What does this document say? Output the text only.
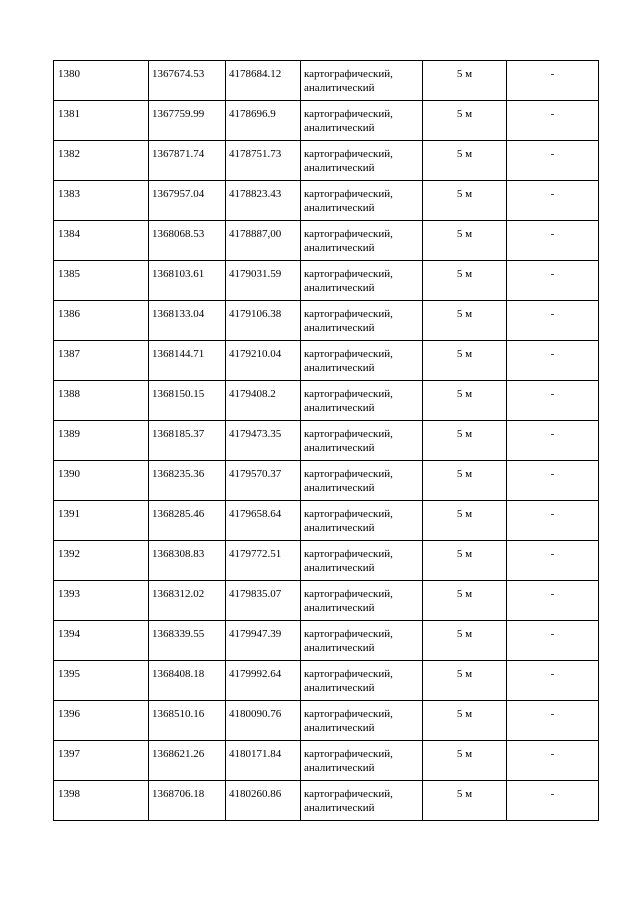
1380	1367674.53	4178684.12	картографический,
аналитический	5 м	-

1381	1367759.99	4178696.9	картографический,
аналитический	5 м	-

1382	1367871.74	4178751.73	картографический,
аналитический	5 м	-

1383	1367957.04	4178823.43	картографический,
аналитический	5 м	-

1384	1368068.53	4178887,00	картографический,
аналитический	5 м	-

1385	1368103.61	4179031.59	картографический,
аналитический	5 м	-

1386	1368133.04	4179106.38	картографический,
аналитический	5 м	-

1387	1368144.71	4179210.04	картографический,
аналитический	5 м	-

1388	1368150.15	4179408.2	картографический,
аналитический	5 м	-

1389	1368185.37	4179473.35	картографический,
аналитический	5 м	-

1390	1368235.36	4179570.37	картографический,
аналитический	5 м	-

1391	1368285.46	4179658.64	картографический,
аналитический	5 м	-

1392	1368308.83	4179772.51	картографический,
аналитический	5 м	-

1393	1368312.02	4179835.07	картографический,
аналитический	5 м	-

1394	1368339.55	4179947.39	картографический,
аналитический	5 м	-

1395	1368408.18	4179992.64	картографический,
аналитический	5 м	-

1396	1368510.16	4180090.76	картографический,
аналитический	5 м	-

1397	1368621.26	4180171.84	картографический,
аналитический	5 м	-

1398	1368706.18	4180260.86	картографический,
аналитический	5 м	-
